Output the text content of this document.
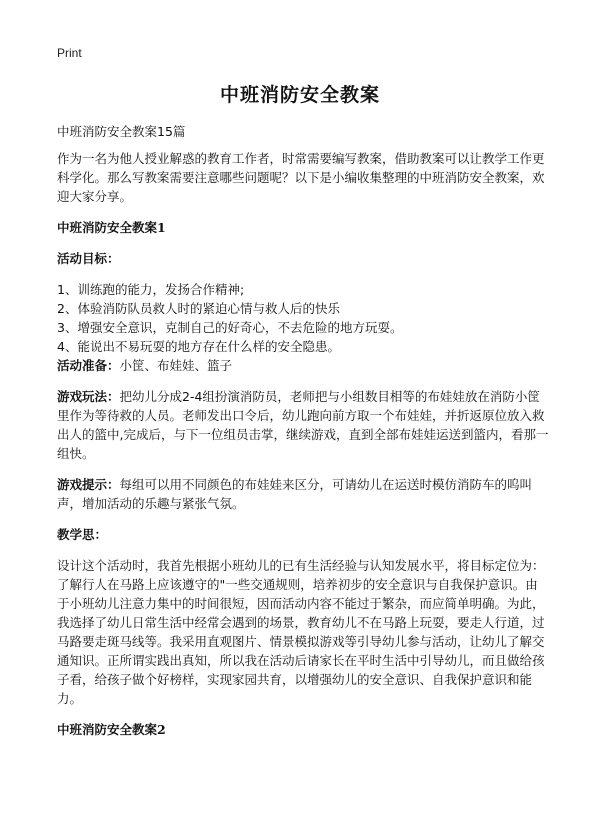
Print
中班消防安全教案

中班消防安全教案15篇

作为一名为他人授业解惑的教育工作者，时常需要编写教案，借助教案可以让教学工作更科学化。那么写教案需要注意哪些问题呢？以下是小编收集整理的中班消防安全教案，欢迎大家分享。

中班消防安全教案1

活动目标：

1、训练跑的能力，发扬合作精神;

2、体验消防队员救人时的紧迫心情与救人后的快乐

3、增强安全意识，克制自己的好奇心，不去危险的地方玩耍。

4、能说出不易玩耍的地方存在什么样的安全隐患。

活动准备：小筐、布娃娃、篮子

游戏玩法：把幼儿分成2-4组扮演消防员，老师把与小组数目相等的布娃娃放在消防小筐里作为等待救的人员。老师发出口令后，幼儿跑向前方取一个布娃娃，并折返原位放入救出人的篮中,完成后，与下一位组员击掌，继续游戏，直到全部布娃娃运送到篮内，看那一组快。

游戏提示：每组可以用不同颜色的布娃娃来区分，可请幼儿在运送时模仿消防车的呜叫声，增加活动的乐趣与紧张气氛。

教学思：

设计这个活动时，我首先根据小班幼儿的已有生活经验与认知发展水平，将目标定位为：了解行人在马路上应该遵守的"一些交通规则，培养初步的安全意识与自我保护意识。由于小班幼儿注意力集中的时间很短，因而活动内容不能过于繁杂，而应简单明确。为此，我选择了幼儿日常生活中经常会遇到的场景，教育幼儿不在马路上玩耍，要走人行道，过马路要走斑马线等。我采用直观图片、情景模拟游戏等引导幼儿参与活动，让幼儿了解交通知识。正所谓实践出真知，所以我在活动后请家长在平时生活中引导幼儿，而且做给孩子看，给孩子做个好榜样，实现家园共育，以增强幼儿的安全意识、自我保护意识和能力。

中班消防安全教案2
